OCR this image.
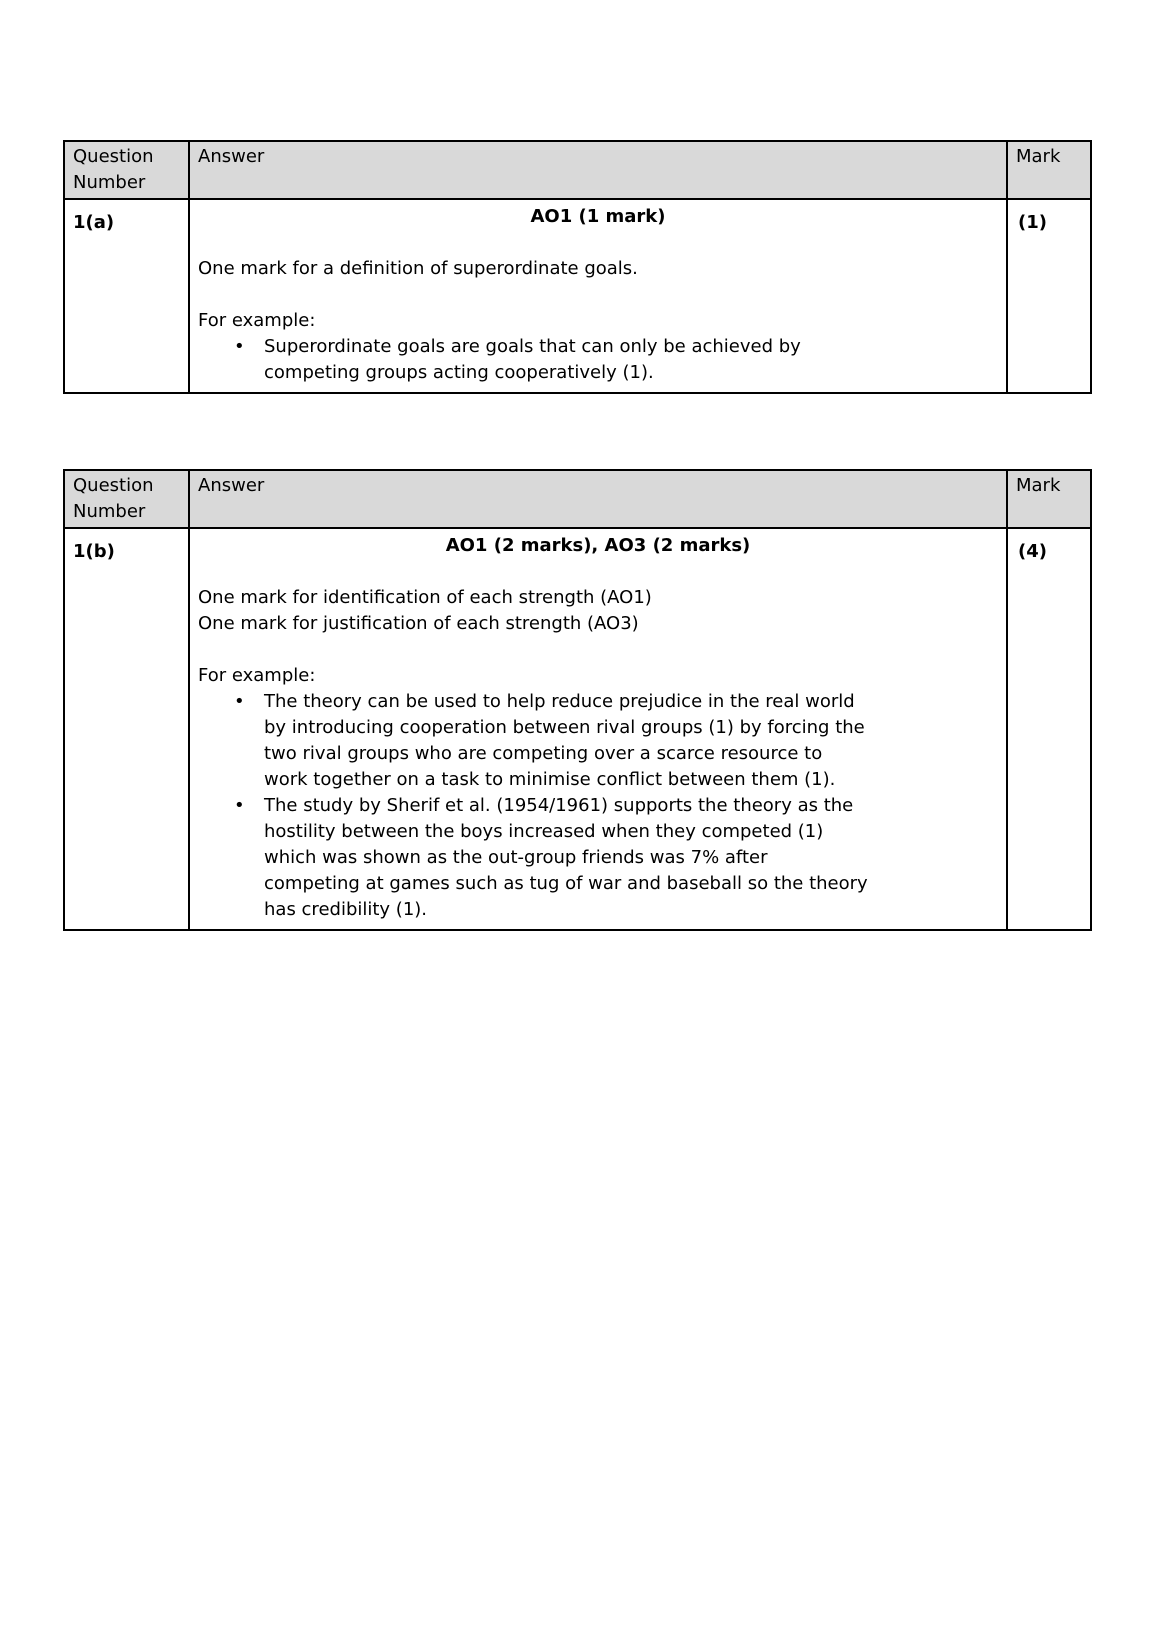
Question Number	Answer	Mark
1(a)	AO1 (1 mark)
One mark for a definition of superordinate goals.
For example:
•	Superordinate goals are goals that can only be achieved by
competing groups acting cooperatively (1).
	(1)
Question Number	Answer	Mark
1(b)	AO1 (2 marks), AO3 (2 marks)
One mark for identification of each strength (AO1)
One mark for justification of each strength (AO3)
For example:
•	The theory can be used to help reduce prejudice in the real world
by introducing cooperation between rival groups (1) by forcing the
two rival groups who are competing over a scarce resource to
work together on a task to minimise conflict between them (1).
•	The study by Sherif et al. (1954/1961) supports the theory as the
hostility between the boys increased when they competed (1)
which was shown as the out-group friends was 7% after
competing at games such as tug of war and baseball so the theory
has credibility (1).
	(4)
